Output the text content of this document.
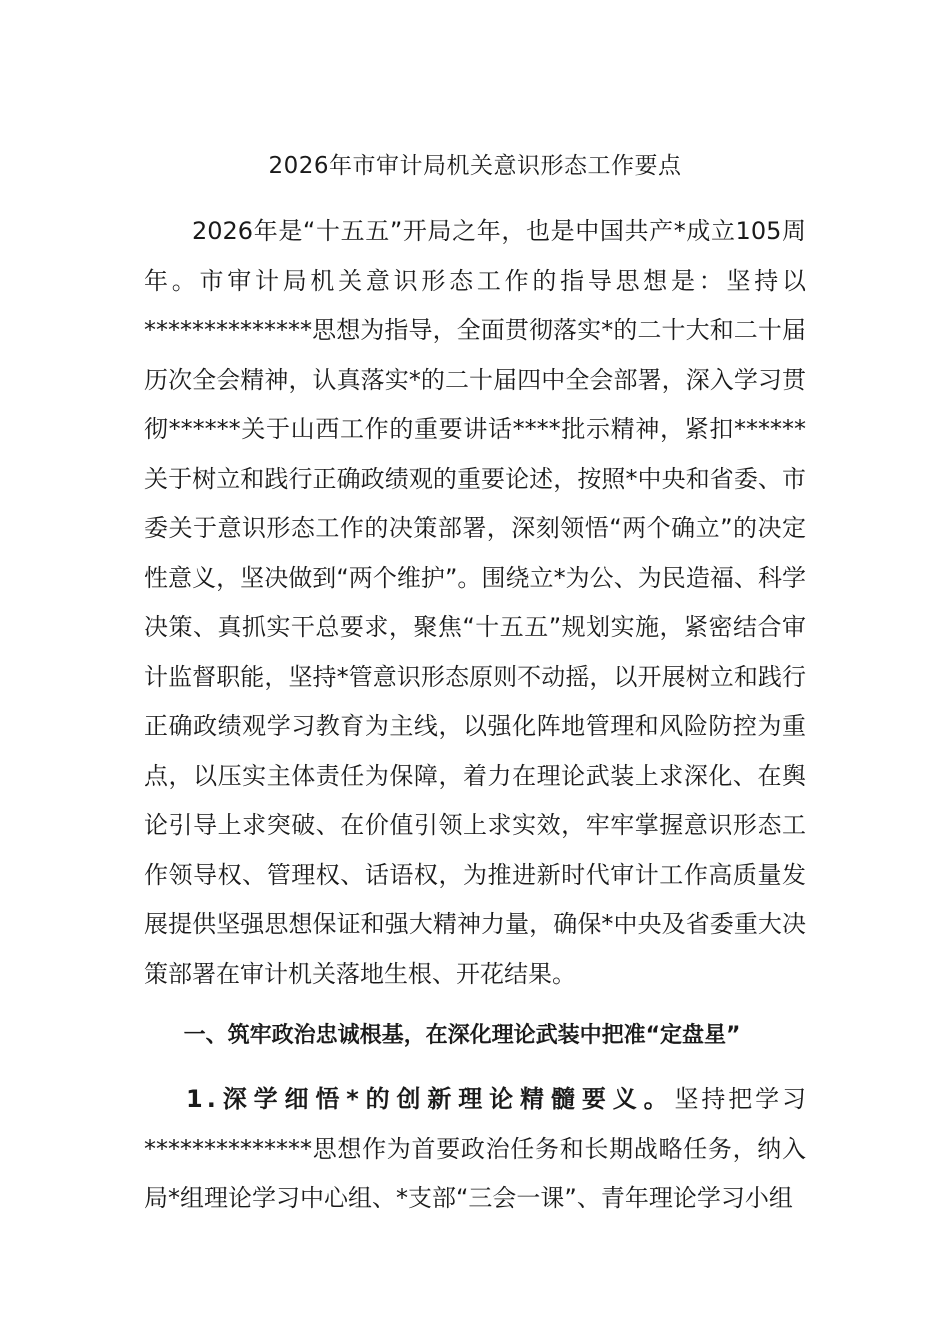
2026年市审计局机关意识形态工作要点

2026年是“十五五”开局之年，也是中国共产*成立105周年。市审计局机关意识形态工作的指导思想是：坚持以**************思想为指导，全面贯彻落实*的二十大和二十届历次全会精神，认真落实*的二十届四中全会部署，深入学习贯彻******关于山西工作的重要讲话****批示精神，紧扣******关于树立和践行正确政绩观的重要论述，按照*中央和省委、市委关于意识形态工作的决策部署，深刻领悟“两个确立”的决定性意义，坚决做到“两个维护”。围绕立*为公、为民造福、科学决策、真抓实干总要求，聚焦“十五五”规划实施，紧密结合审计监督职能，坚持*管意识形态原则不动摇，以开展树立和践行正确政绩观学习教育为主线，以强化阵地管理和风险防控为重点，以压实主体责任为保障，着力在理论武装上求深化、在舆论引导上求突破、在价值引领上求实效，牢牢掌握意识形态工作领导权、管理权、话语权，为推进新时代审计工作高质量发展提供坚强思想保证和强大精神力量，确保*中央及省委重大决策部署在审计机关落地生根、开花结果。

一、筑牢政治忠诚根基，在深化理论武装中把准“定盘星”

1.深学细悟*的创新理论精髓要义。坚持把学习**************思想作为首要政治任务和长期战略任务，纳入局*组理论学习中心组、*支部“三会一课”、青年理论学习小组
